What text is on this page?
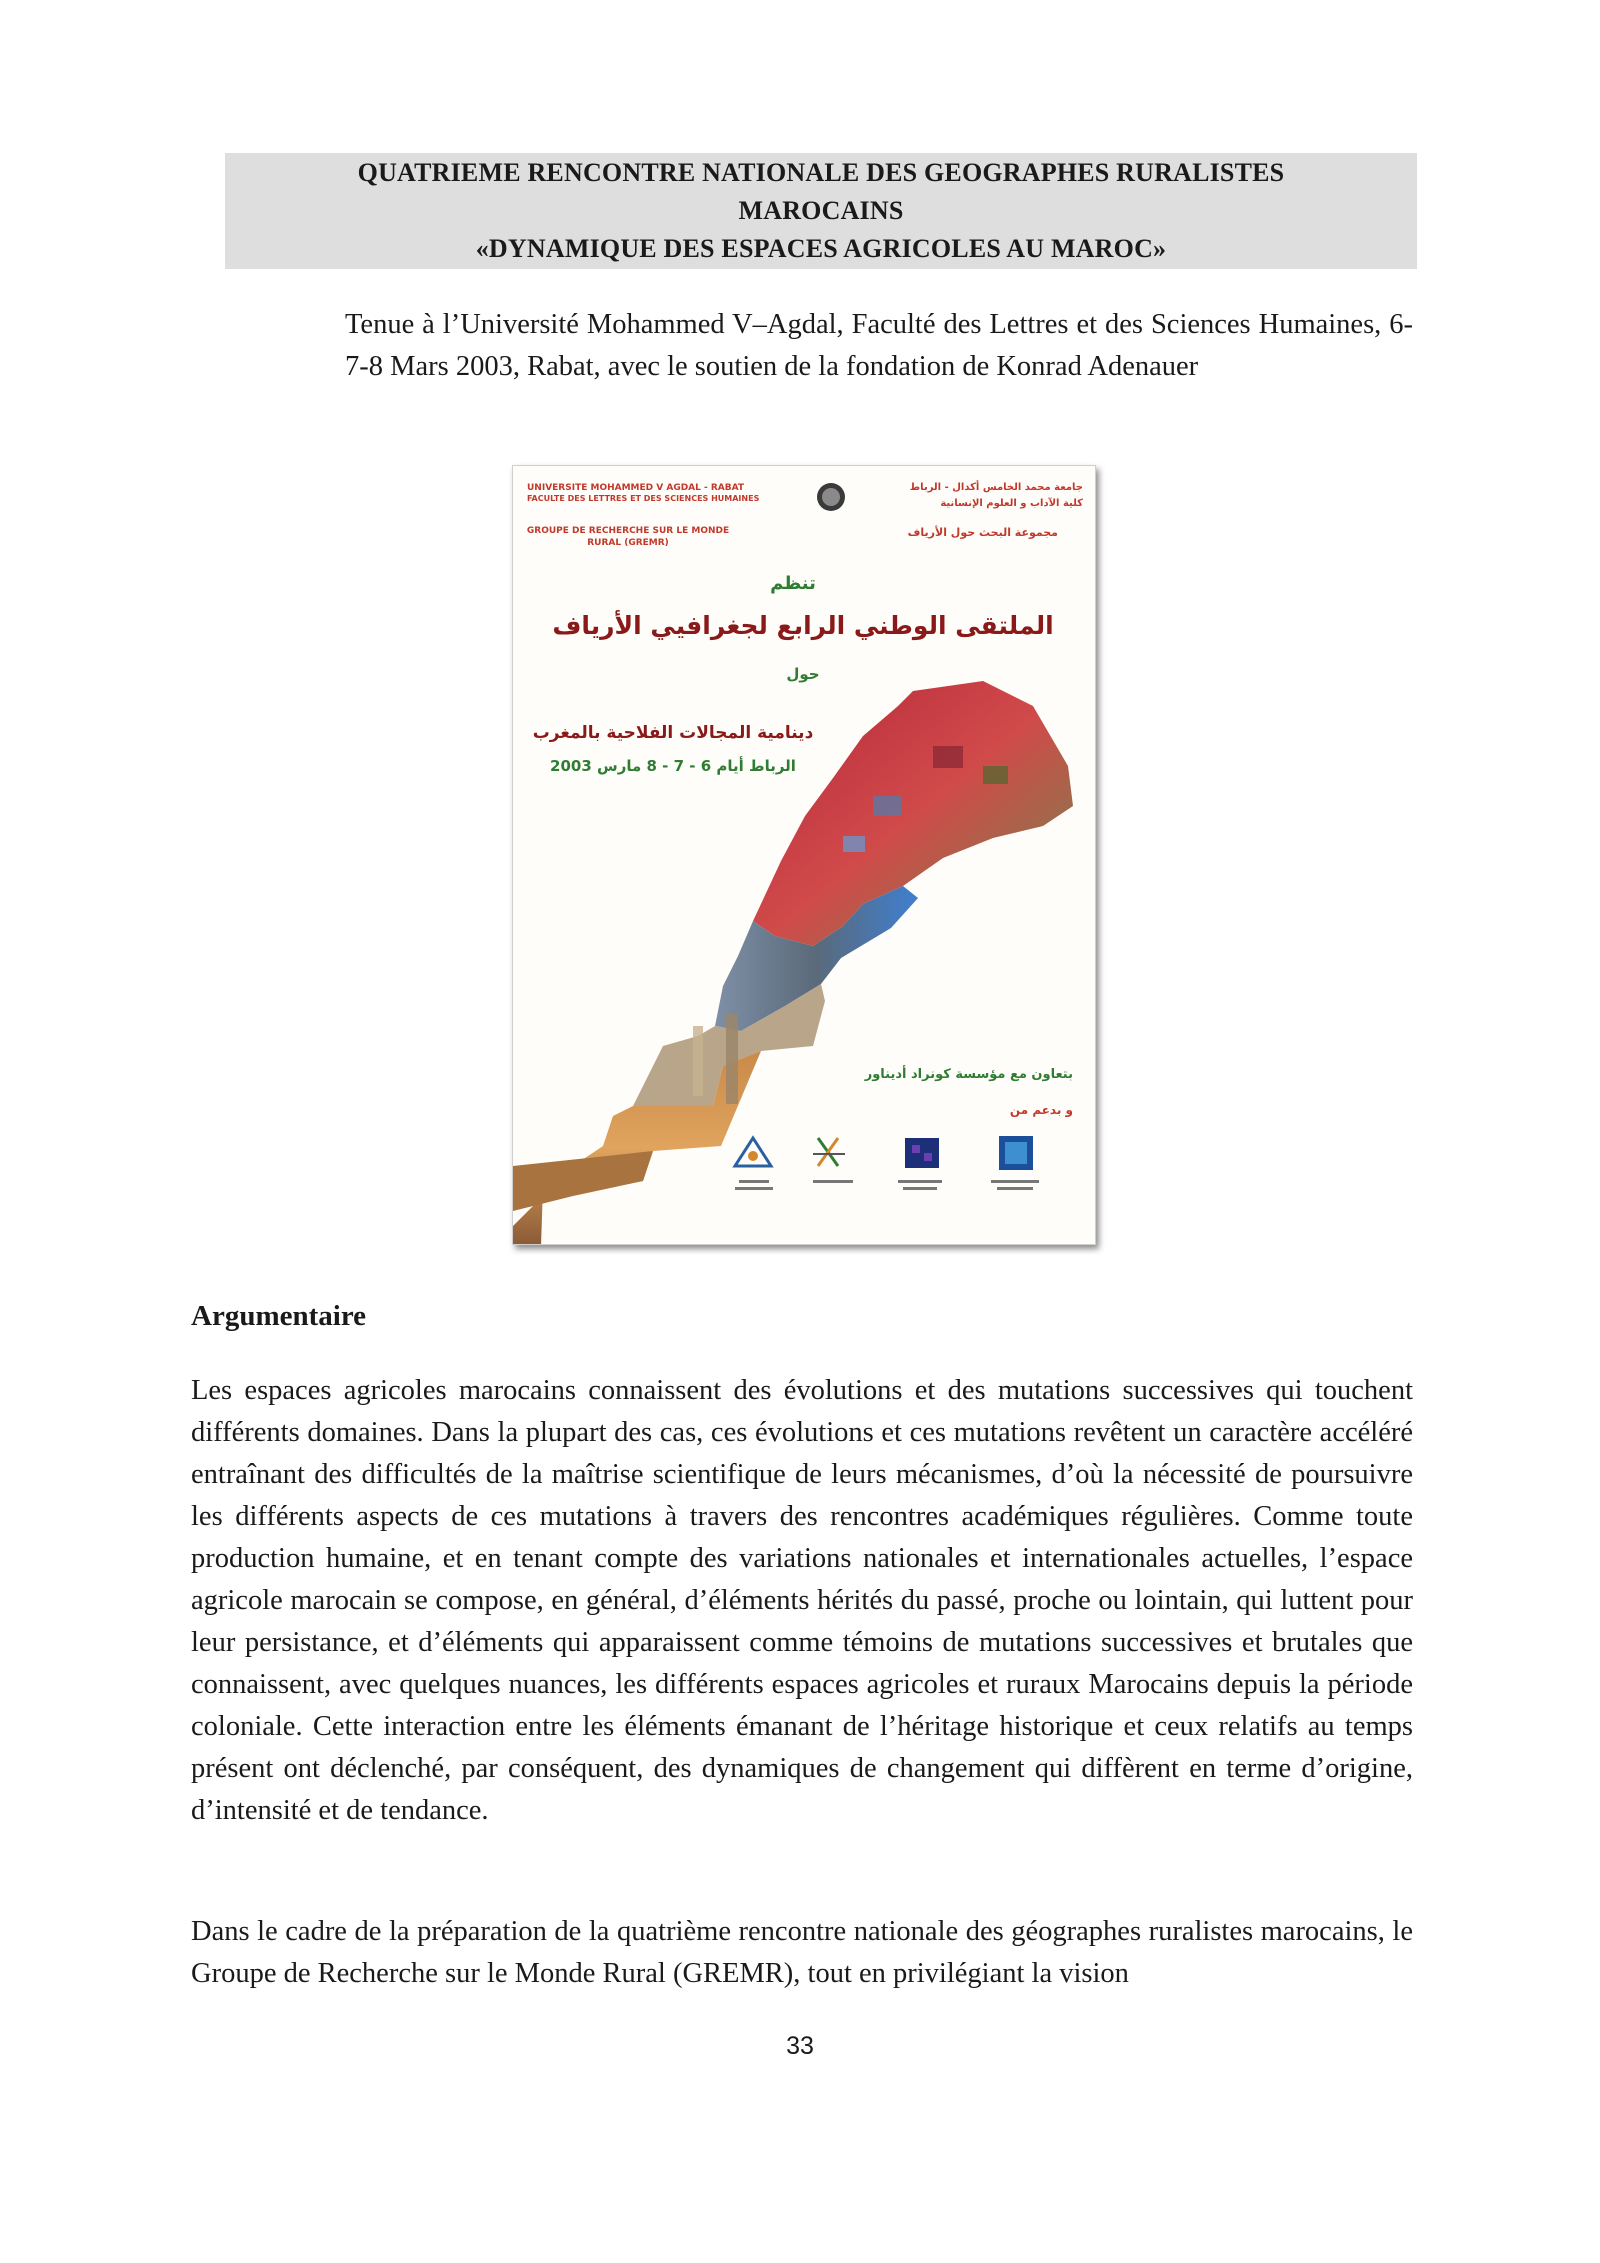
QUATRIEME RENCONTRE NATIONALE DES GEOGRAPHES RURALISTES
MAROCAINS
«DYNAMIQUE DES ESPACES AGRICOLES AU MAROC»
Tenue à l’Université Mohammed V–Agdal, Faculté des Lettres et des Sciences Humaines, 6-7-8 Mars 2003, Rabat, avec le soutien de la fondation de Konrad Adenauer
UNIVERSITE MOHAMMED V AGDAL - RABAT
FACULTE DES LETTRES ET DES SCIENCES HUMAINES
جامعة محمد الخامس أكدال - الرباط
كلية الآداب و العلوم الإنسانية
GROUPE DE RECHERCHE SUR LE MONDE
RURAL (GREMR)
مجموعة البحث حول الأرياف
تنظم
الملتقى الوطني الرابع لجغرافيي الأرياف
حول
دينامية المجالات الفلاحية بالمغرب
الرباط أيام 6 - 7 - 8 مارس 2003
بتعاون مع مؤسسة كونراد أديناور
و بدعم من
Argumentaire

Les espaces agricoles marocains connaissent des évolutions et des mutations successives qui touchent différents domaines. Dans la plupart des cas, ces évolutions et ces mutations revêtent un caractère accéléré entraînant des difficultés de la maîtrise scientifique de leurs mécanismes, d’où la nécessité de poursuivre les différents aspects de ces mutations à travers des rencontres académiques régulières. Comme toute production humaine, et en tenant compte des variations nationales et internationales actuelles, l’espace agricole marocain se compose, en général, d’éléments hérités du passé, proche ou lointain, qui luttent pour leur persistance, et d’éléments qui apparaissent comme témoins de mutations successives et brutales que connaissent, avec quelques nuances, les différents espaces agricoles et ruraux Marocains depuis la période coloniale. Cette interaction entre les éléments émanant de l’héritage historique et ceux relatifs au temps présent ont déclenché, par conséquent, des dynamiques de changement qui diffèrent en terme d’origine, d’intensité et de tendance.

Dans le cadre de la préparation de la quatrième rencontre nationale des géographes ruralistes marocains, le Groupe de Recherche sur le Monde Rural (GREMR), tout en privilégiant la vision

33
